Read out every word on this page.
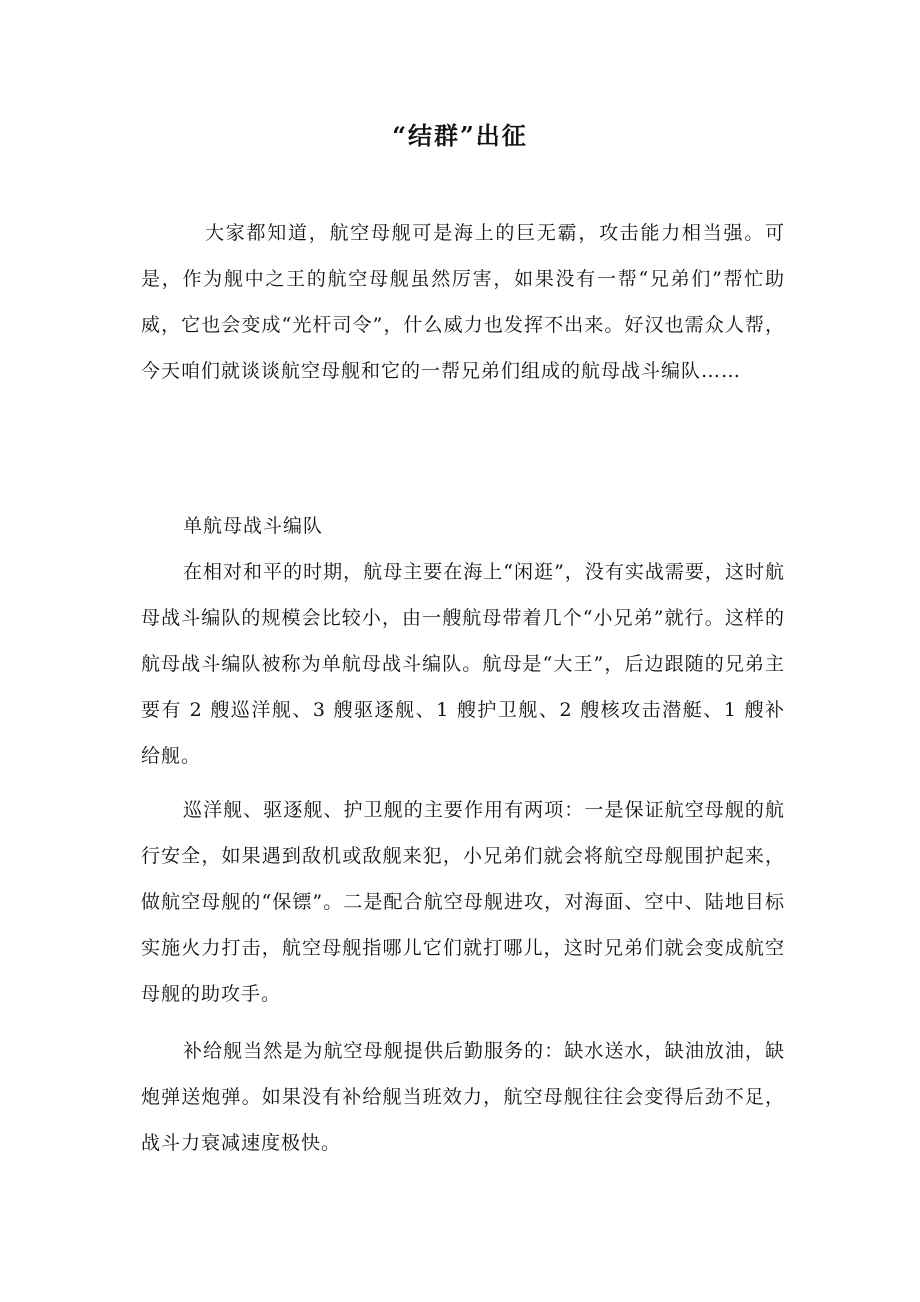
“结群”出征

大家都知道，航空母舰可是海上的巨无霸，攻击能力相当强。可是，作为舰中之王的航空母舰虽然厉害，如果没有一帮“兄弟们”帮忙助威，它也会变成“光杆司令”，什么威力也发挥不出来。好汉也需众人帮，今天咱们就谈谈航空母舰和它的一帮兄弟们组成的航母战斗编队……

单航母战斗编队

在相对和平的时期，航母主要在海上“闲逛”，没有实战需要，这时航母战斗编队的规模会比较小，由一艘航母带着几个“小兄弟”就行。这样的航母战斗编队被称为单航母战斗编队。航母是“大王”，后边跟随的兄弟主要有 2 艘巡洋舰、3 艘驱逐舰、1 艘护卫舰、2 艘核攻击潜艇、1 艘补给舰。

巡洋舰、驱逐舰、护卫舰的主要作用有两项：一是保证航空母舰的航行安全，如果遇到敌机或敌舰来犯，小兄弟们就会将航空母舰围护起来，做航空母舰的“保镖”。二是配合航空母舰进攻，对海面、空中、陆地目标实施火力打击，航空母舰指哪儿它们就打哪儿，这时兄弟们就会变成航空母舰的助攻手。

补给舰当然是为航空母舰提供后勤服务的：缺水送水，缺油放油，缺炮弹送炮弹。如果没有补给舰当班效力，航空母舰往往会变得后劲不足，战斗力衰减速度极快。
